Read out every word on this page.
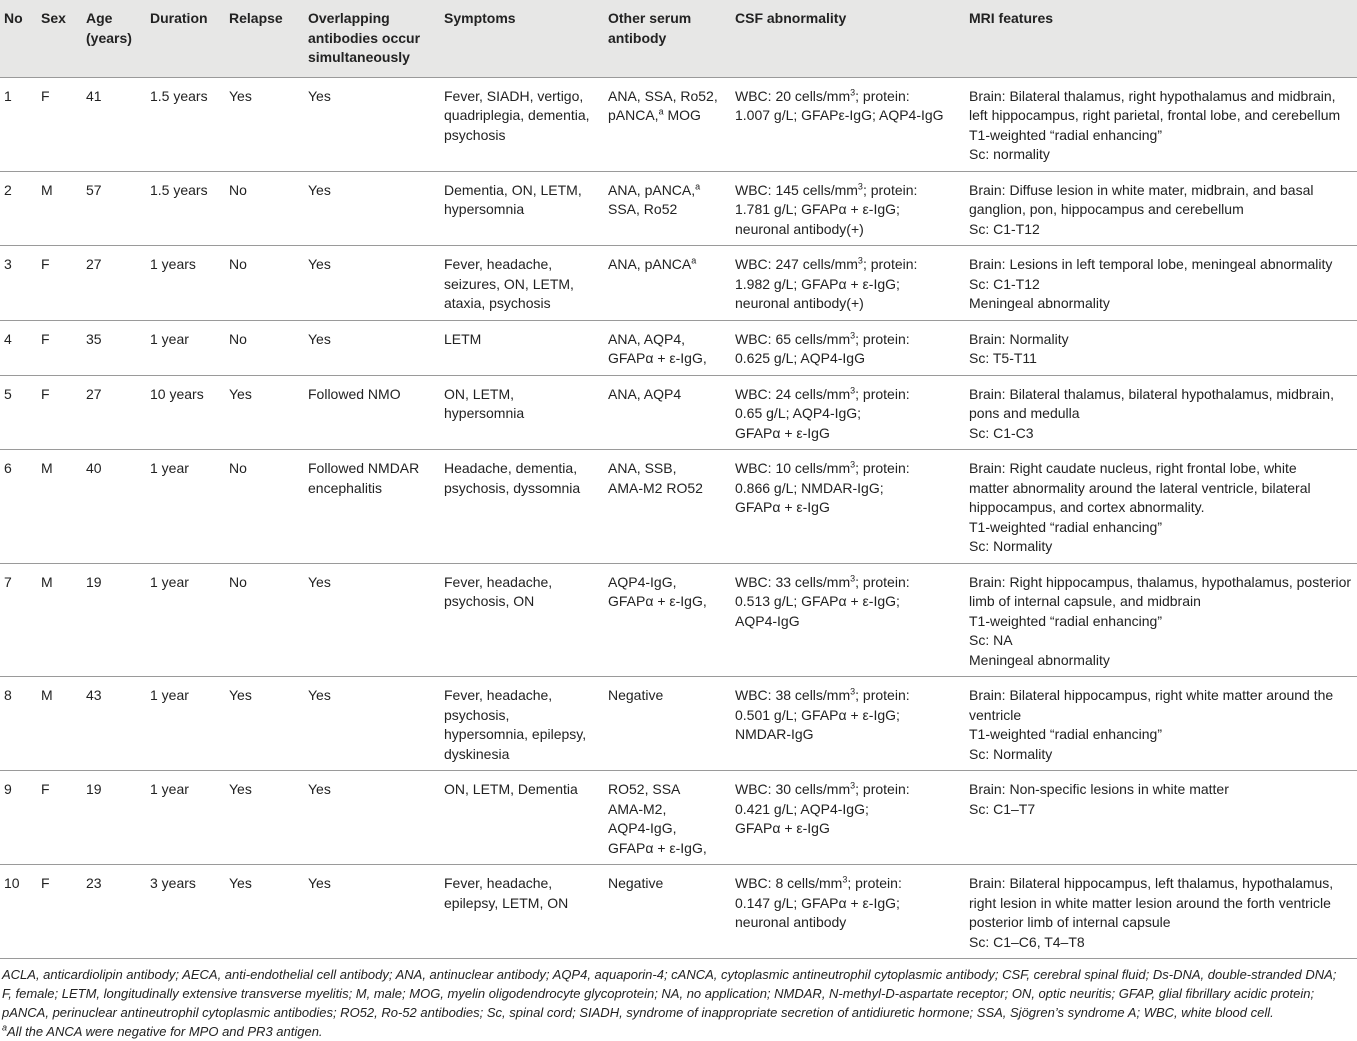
No	Sex	Age
(years)	Duration	Relapse	Overlapping
antibodies occur
simultaneously	Symptoms	Other serum
antibody	CSF abnormality	MRI features

1	F	41	1.5 years	Yes	Yes	Fever, SIADH, vertigo,
quadriplegia, dementia,
psychosis	ANA, SSA, Ro52,
pANCA,$^a$ MOG	WBC: 20 cells/$mm^3$; protein:
1.007 g/L; GFAPε-IgG; AQP4-IgG	Brain: Bilateral thalamus, right hypothalamus and midbrain,
left hippocampus, right parietal, frontal lobe, and cerebellum
T1-weighted “radial enhancing”
Sc: normality

2	M	57	1.5 years	No	Yes	Dementia, ON, LETM,
hypersomnia	ANA, pANCA,$^a$
SSA, Ro52	WBC: 145 cells/$mm^3$; protein:
1.781 g/L; GFAPα + ε-IgG;
neuronal antibody(+)	Brain: Diffuse lesion in white mater, midbrain, and basal
ganglion, pon, hippocampus and cerebellum
Sc: C1-T12

3	F	27	1 years	No	Yes	Fever, headache,
seizures, ON, LETM,
ataxia, psychosis	ANA, pANCA$^a$	WBC: 247 cells/$mm^3$; protein:
1.982 g/L; GFAPα + ε-IgG;
neuronal antibody(+)	Brain: Lesions in left temporal lobe, meningeal abnormality
Sc: C1-T12
Meningeal abnormality

4	F	35	1 year	No	Yes	LETM	ANA, AQP4,
GFAPα + ε-IgG,	WBC: 65 cells/$mm^3$; protein:
0.625 g/L; AQP4-IgG	Brain: Normality
Sc: T5-T11

5	F	27	10 years	Yes	Followed NMO	ON, LETM,
hypersomnia	ANA, AQP4	WBC: 24 cells/$mm^3$; protein:
0.65 g/L; AQP4-IgG;
GFAPα + ε-IgG	Brain: Bilateral thalamus, bilateral hypothalamus, midbrain,
pons and medulla
Sc: C1-C3

6	M	40	1 year	No	Followed NMDAR
encephalitis	Headache, dementia,
psychosis, dyssomnia	ANA, SSB,
AMA-M2 RO52	WBC: 10 cells/$mm^3$; protein:
0.866 g/L; NMDAR-IgG;
GFAPα + ε-IgG	Brain: Right caudate nucleus, right frontal lobe, white
matter abnormality around the lateral ventricle, bilateral
hippocampus, and cortex abnormality.
T1-weighted “radial enhancing”
Sc: Normality

7	M	19	1 year	No	Yes	Fever, headache,
psychosis, ON	AQP4-IgG,
GFAPα + ε-IgG,	WBC: 33 cells/$mm^3$; protein:
0.513 g/L; GFAPα + ε-IgG;
AQP4-IgG	Brain: Right hippocampus, thalamus, hypothalamus, posterior
limb of internal capsule, and midbrain
T1-weighted “radial enhancing”
Sc: NA
Meningeal abnormality

8	M	43	1 year	Yes	Yes	Fever, headache,
psychosis,
hypersomnia, epilepsy,
dyskinesia	Negative	WBC: 38 cells/$mm^3$; protein:
0.501 g/L; GFAPα + ε-IgG;
NMDAR-IgG	Brain: Bilateral hippocampus, right white matter around the
ventricle
T1-weighted “radial enhancing”
Sc: Normality

9	F	19	1 year	Yes	Yes	ON, LETM, Dementia	RO52, SSA
AMA-M2,
AQP4-IgG,
GFAPα + ε-IgG,	WBC: 30 cells/$mm^3$; protein:
0.421 g/L; AQP4-IgG;
GFAPα + ε-IgG	Brain: Non-specific lesions in white matter
Sc: C1–T7

10	F	23	3 years	Yes	Yes	Fever, headache,
epilepsy, LETM, ON	Negative	WBC: 8 cells/$mm^3$; protein:
0.147 g/L; GFAPα + ε-IgG;
neuronal antibody	Brain: Bilateral hippocampus, left thalamus, hypothalamus,
right lesion in white matter lesion around the forth ventricle
posterior limb of internal capsule
Sc: C1–C6, T4–T8
ACLA, anticardiolipin antibody; AECA, anti-endothelial cell antibody; ANA, antinuclear antibody; AQP4, aquaporin-4; cANCA, cytoplasmic antineutrophil cytoplasmic antibody; CSF, cerebral spinal fluid; Ds-DNA, double-stranded DNA;
F, female; LETM, longitudinally extensive transverse myelitis; M, male; MOG, myelin oligodendrocyte glycoprotein; NA, no application; NMDAR, N-methyl-D-aspartate receptor; ON, optic neuritis; GFAP, glial fibrillary acidic protein;
pANCA, perinuclear antineutrophil cytoplasmic antibodies; RO52, Ro-52 antibodies; Sc, spinal cord; SIADH, syndrome of inappropriate secretion of antidiuretic hormone; SSA, Sjögren’s syndrome A; WBC, white blood cell.
$^a$All the ANCA were negative for MPO and PR3 antigen.
